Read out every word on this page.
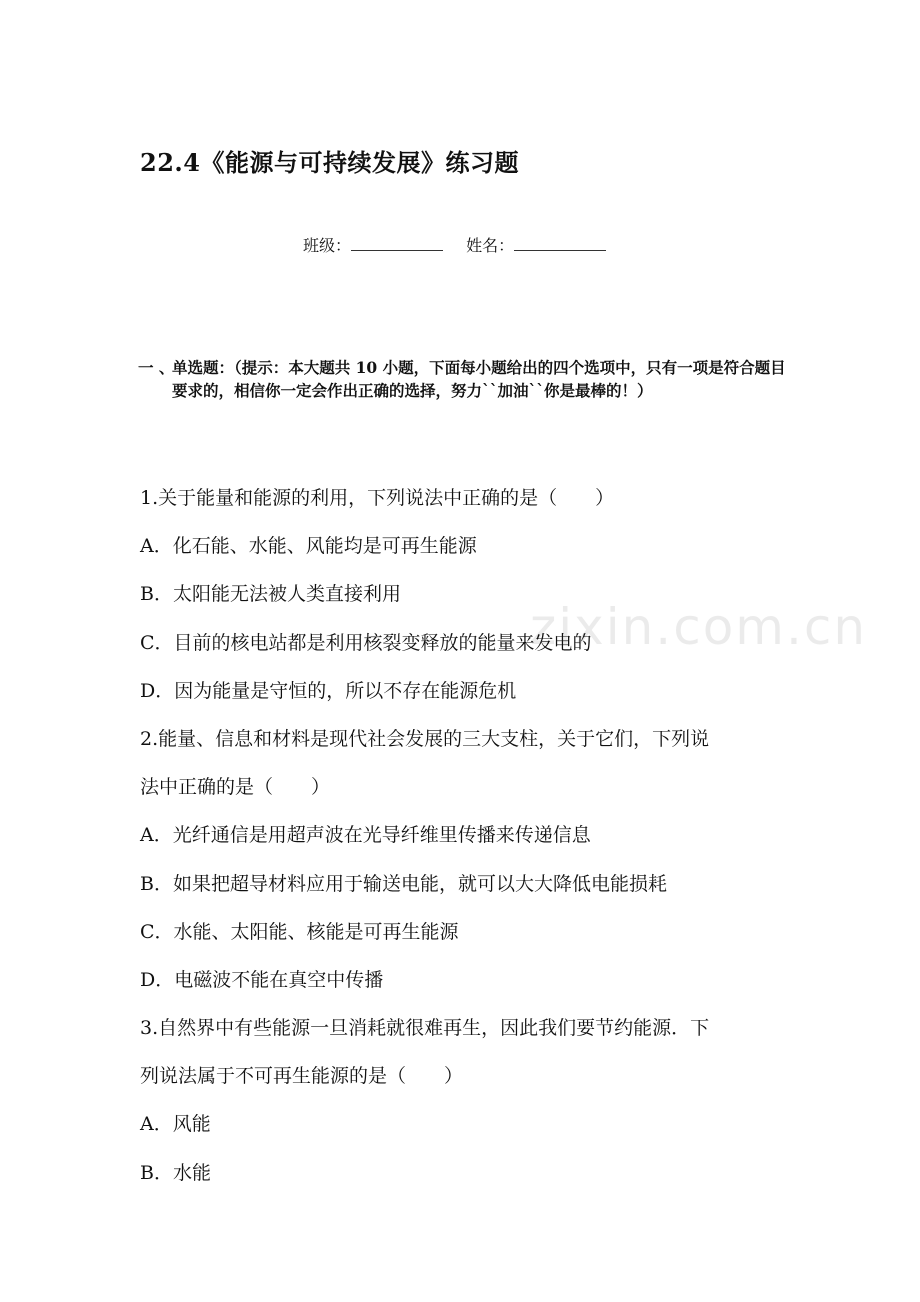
22.4《能源与可持续发展》练习题
班级：	姓名：
一 、
单选题：（提示：本大题共 10 小题，下面每小题给出的四个选项中，只有一项是符合题目要求的，相信你一定会作出正确的选择，努力``加油``你是最棒的！）
1.关于能量和能源的利用，下列说法中正确的是（　　）
A．化石能、水能、风能均是可再生能源
B．太阳能无法被人类直接利用
C．目前的核电站都是利用核裂变释放的能量来发电的
D．因为能量是守恒的，所以不存在能源危机
2.能量、信息和材料是现代社会发展的三大支柱，关于它们，下列说
法中正确的是（　　）
A．光纤通信是用超声波在光导纤维里传播来传递信息
B．如果把超导材料应用于输送电能，就可以大大降低电能损耗
C．水能、太阳能、核能是可再生能源
D．电磁波不能在真空中传播
3.自然界中有些能源一旦消耗就很难再生，因此我们要节约能源．下
列说法属于不可再生能源的是（　　）
A．风能
B．水能
zixin.com.cn
